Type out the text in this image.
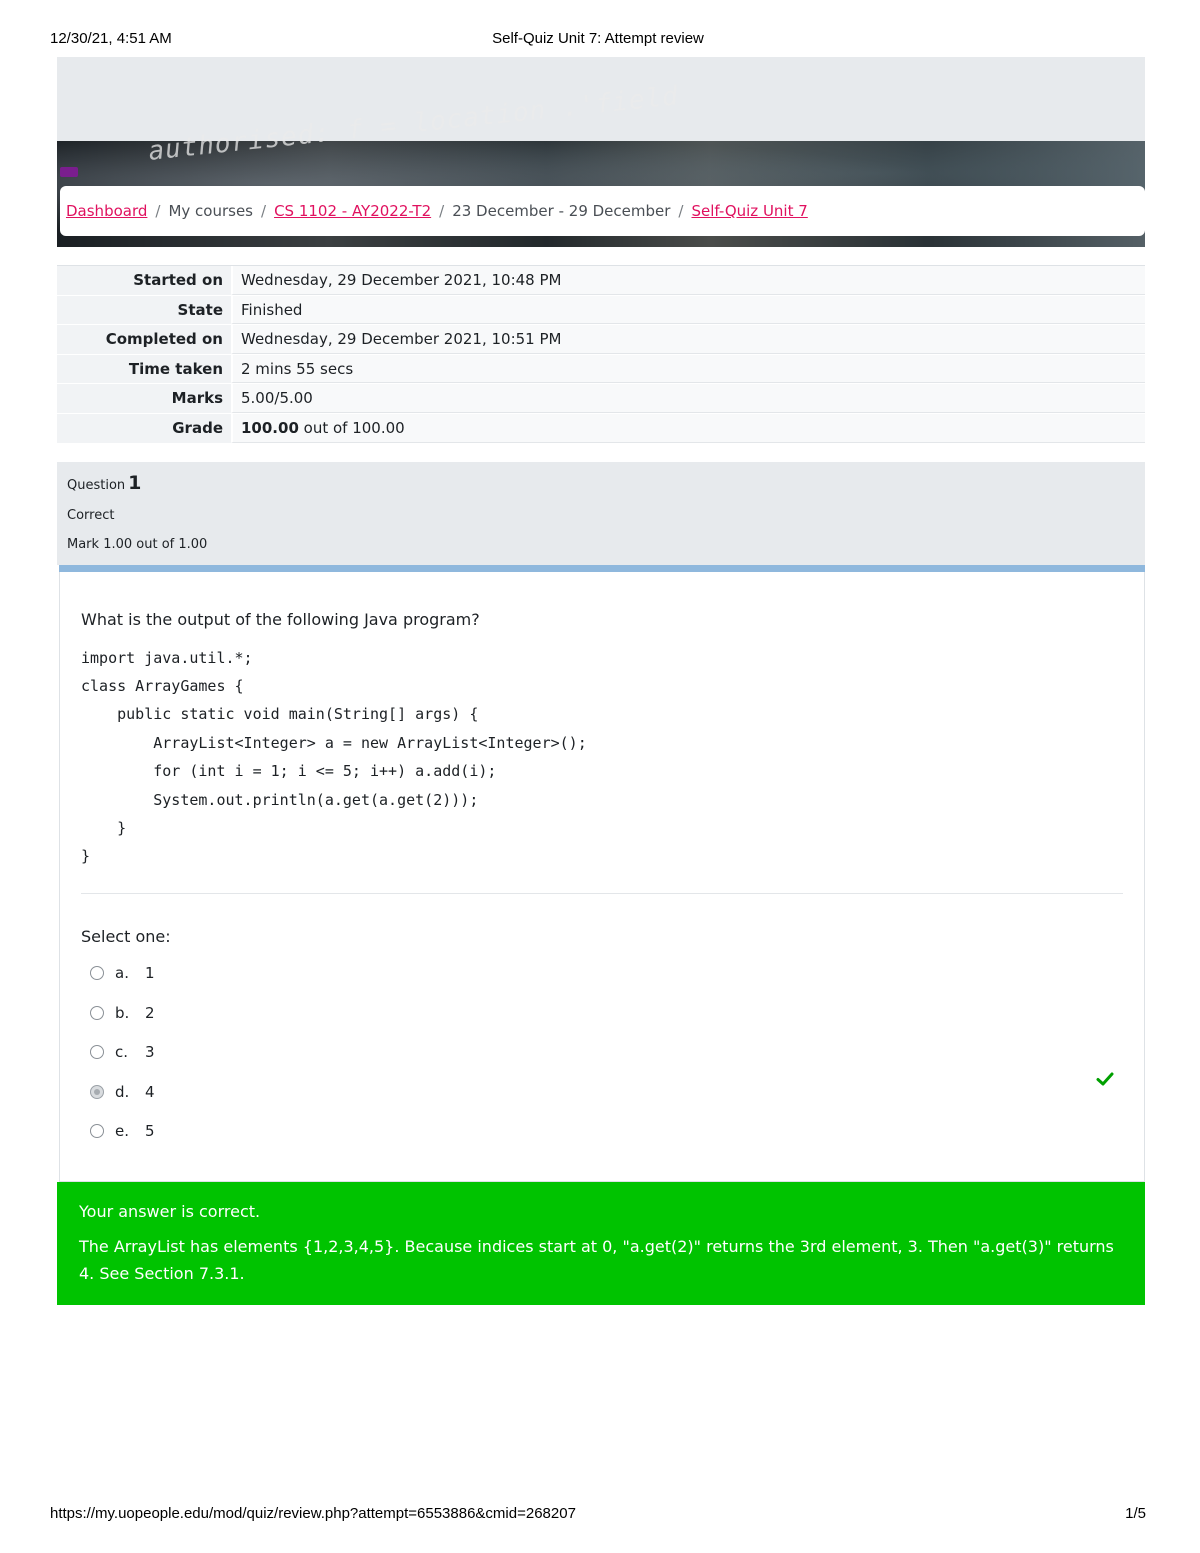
12/30/21, 4:51 AM	Self-Quiz Unit 7: Attempt review
authorised: f = location .'field
Dashboard / My courses / CS 1102 - AY2022-T2 / 23 December - 29 December / Self-Quiz Unit 7
Started on	Wednesday, 29 December 2021, 10:48 PM
State	Finished
Completed on	Wednesday, 29 December 2021, 10:51 PM
Time taken	2 mins 55 secs
Marks	5.00/5.00
Grade	100.00 out of 100.00
Question 1
Correct
Mark 1.00 out of 1.00
What is the output of the following Java program?
import java.util.*;
class ArrayGames {
public static void main(String[] args) {
ArrayList<Integer> a = new ArrayList<Integer>();
for (int i = 1; i <= 5; i++) a.add(i);
System.out.println(a.get(a.get(2)));
}
}
Select one:
a.	1
b.	2
c.	3
d.	4
e.	5
Your answer is correct.
The ArrayList has elements {1,2,3,4,5}. Because indices start at 0, "a.get(2)" returns the 3rd element, 3. Then "a.get(3)" returns 4. See Section 7.3.1.
https://my.uopeople.edu/mod/quiz/review.php?attempt=6553886&cmid=268207	1/5
